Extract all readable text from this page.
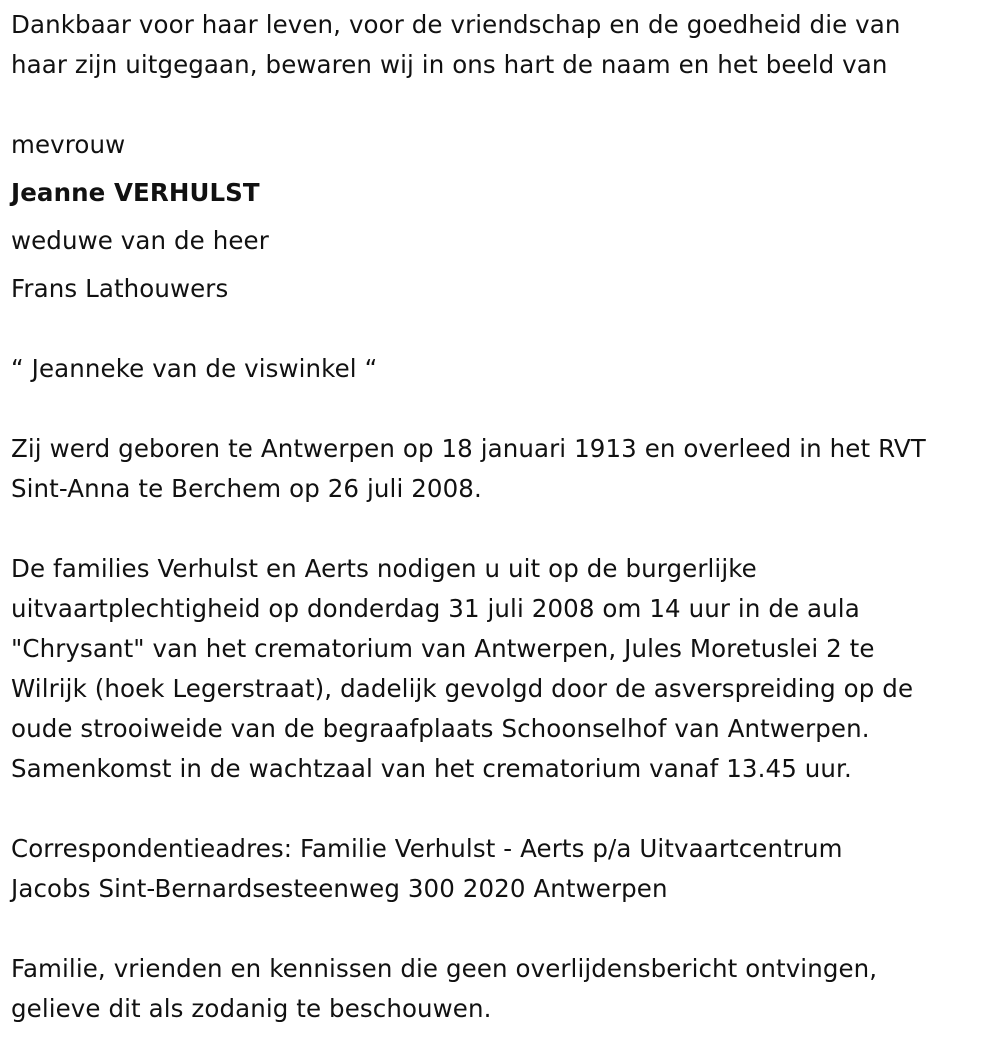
Dankbaar voor haar leven, voor de vriendschap en de goedheid die van
haar zijn uitgegaan, bewaren wij in ons hart de naam en het beeld van
mevrouw
Jeanne VERHULST
weduwe van de heer
Frans Lathouwers
“ Jeanneke van de viswinkel “
Zij werd geboren te Antwerpen op 18 januari 1913 en overleed in het RVT
Sint-Anna te Berchem op 26 juli 2008.
De families Verhulst en Aerts nodigen u uit op de burgerlijke
uitvaartplechtigheid op donderdag 31 juli 2008 om 14 uur in de aula
"Chrysant" van het crematorium van Antwerpen, Jules Moretuslei 2 te
Wilrijk (hoek Legerstraat), dadelijk gevolgd door de asverspreiding op de
oude strooiweide van de begraafplaats Schoonselhof van Antwerpen.
Samenkomst in de wachtzaal van het crematorium vanaf 13.45 uur.
Correspondentieadres: Familie Verhulst - Aerts p/a Uitvaartcentrum
Jacobs Sint-Bernardsesteenweg 300 2020 Antwerpen
Familie, vrienden en kennissen die geen overlijdensbericht ontvingen,
gelieve dit als zodanig te beschouwen.
